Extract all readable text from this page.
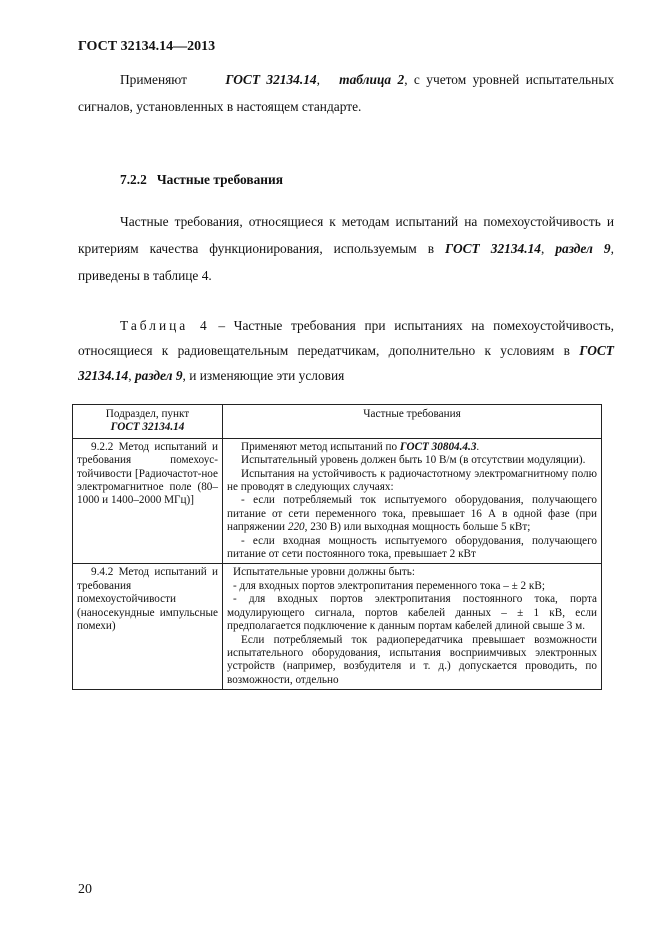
ГОСТ 32134.14—2013
Применяют	ГОСТ 32134.14, таблица 2, с учетом уровней испытательных сигналов, установленных в настоящем стандарте.
7.2.2 Частные требования
Частные требования, относящиеся к методам испытаний на помехоустойчивость и критериям качества функционирования, используемым в ГОСТ 32134.14, раздел 9, приведены в таблице 4.
Таблица 4 – Частные требования при испытаниях на помехоустойчивость, относящиеся к радиовещательным передатчикам, дополнительно к условиям в ГОСТ 32134.14, раздел 9, и изменяющие эти условия
Подраздел, пункт
ГОСТ 32134.14	Частные требования
9.2.2 Метод испытаний и требования помехоус-тойчивости [Радиочастот-ное электромагнитное поле (80–1000 и 1400–2000 МГц)]	Применяют метод испытаний по ГОСТ 30804.4.3.

Испытательный уровень должен быть 10 В/м (в отсутствии модуляции).

Испытания на устойчивость к радиочастотному электромагнитному полю не проводят в следующих случаях:

- если потребляемый ток испытуемого оборудования, получающего питание от сети переменного тока, превышает 16 А в одной фазе (при напряжении 220, 230 В) или выходная мощность больше 5 кВт;

- если входная мощность испытуемого оборудования, получающего питание от сети постоянного тока, превышает 2 кВт

9.4.2 Метод испытаний и требования помехоустойчивости (наносекундные импульсные помехи)	Испытательные уровни должны быть:

- для входных портов электропитания переменного тока – ± 2 кВ;

- для входных портов электропитания постоянного тока, порта модулирующего сигнала, портов кабелей данных – ± 1 кВ, если предполагается подключение к данным портам кабелей длиной свыше 3 м.

Если потребляемый ток радиопередатчика превышает возможности испытательного оборудования, испытания восприимчивых электронных устройств (например, возбудителя и т. д.) допускается проводить, по возможности, отдельно

20
